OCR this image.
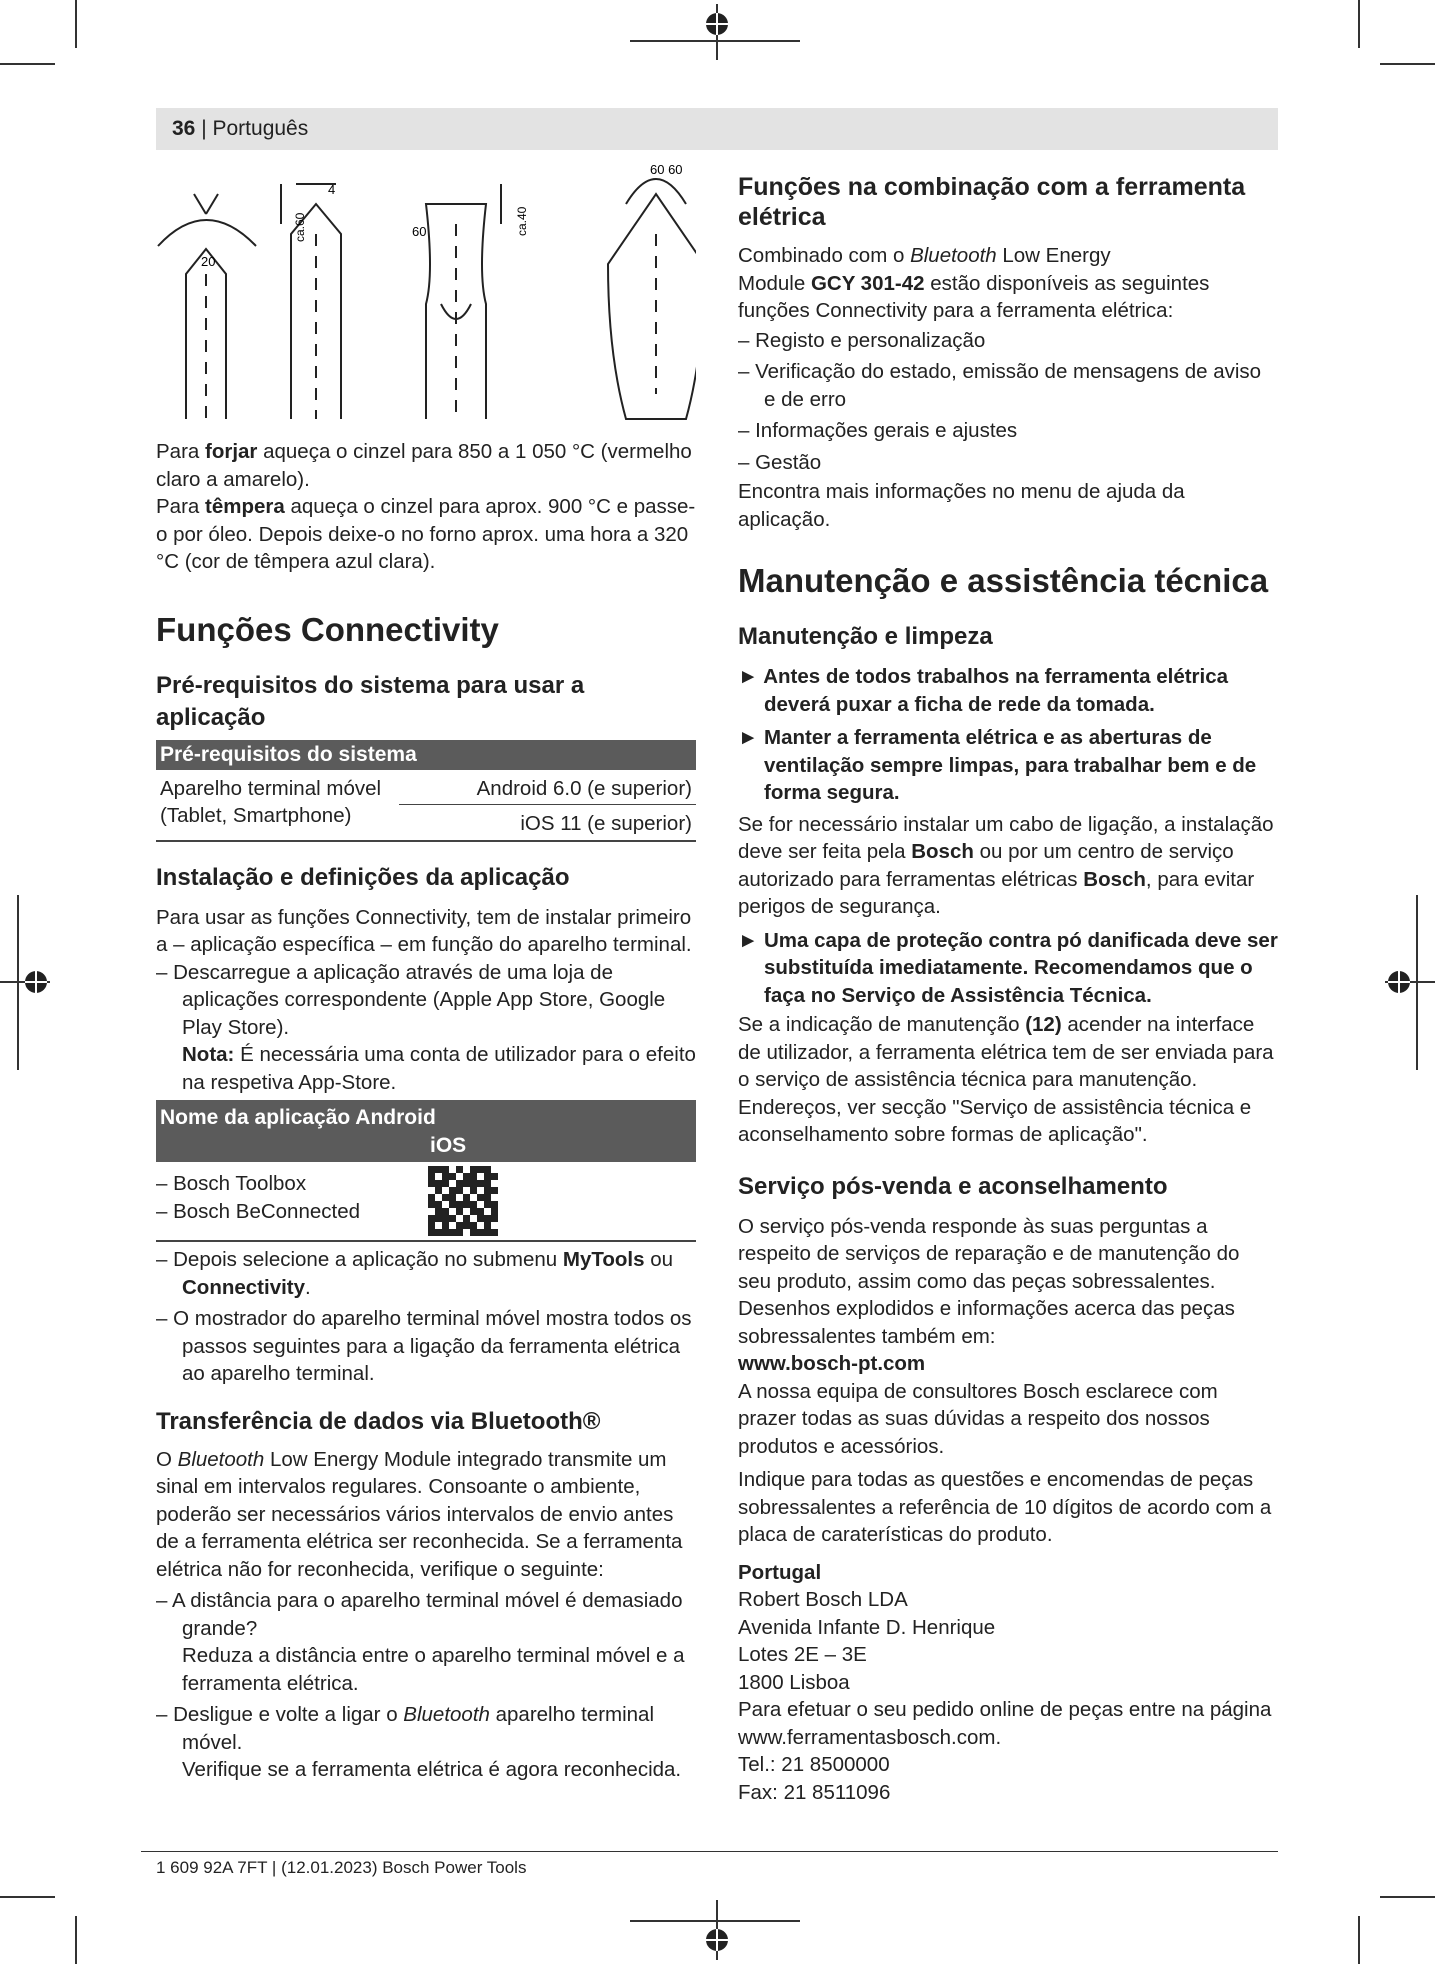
36 | Português
20
4
60
ca.60	ca.40
60 60

Para forjar aqueça o cinzel para 850 a 1 050 °C (vermelho claro a amarelo).

Para têmpera aqueça o cinzel para aprox. 900 °C e passe-o por óleo. Depois deixe-o no forno aprox. uma hora a 320 °C (cor de têmpera azul clara).

Funções Connectivity
Pré-requisitos do sistema para usar a aplicação
Pré-requisitos do sistema

Aparelho terminal móvel (Tablet, Smartphone)

Android 6.0 (e superior)

iOS 11 (e superior)

Instalação e definições da aplicação

Para usar as funções Connectivity, tem de instalar primeiro a – aplicação específica – em função do aparelho terminal.

– Descarregue a aplicação através de uma loja de aplicações correspondente (Apple App Store, Google Play Store).
Nota: É necessária uma conta de utilizador para o efeito na respetiva App-Store.

Nome da aplicação Android
iOS

– Bosch Toolbox

– Bosch BeConnected

– Depois selecione a aplicação no submenu MyTools ou Connectivity.

– O mostrador do aparelho terminal móvel mostra todos os passos seguintes para a ligação da ferramenta elétrica ao aparelho terminal.

Transferência de dados via Bluetooth®

O Bluetooth Low Energy Module integrado transmite um sinal em intervalos regulares. Consoante o ambiente, poderão ser necessários vários intervalos de envio antes de a ferramenta elétrica ser reconhecida. Se a ferramenta elétrica não for reconhecida, verifique o seguinte:

– A distância para o aparelho terminal móvel é demasiado grande?
Reduza a distância entre o aparelho terminal móvel e a ferramenta elétrica.

– Desligue e volte a ligar o Bluetooth aparelho terminal móvel.
Verifique se a ferramenta elétrica é agora reconhecida.

Funções na combinação com a ferramenta elétrica

Combinado com o Bluetooth Low Energy

Module GCY 301-42 estão disponíveis as seguintes funções Connectivity para a ferramenta elétrica:

– Registo e personalização

– Verificação do estado, emissão de mensagens de aviso e de erro

– Informações gerais e ajustes

– Gestão

Encontra mais informações no menu de ajuda da aplicação.

Manutenção e assistência técnica
Manutenção e limpeza

► Antes de todos trabalhos na ferramenta elétrica deverá puxar a ficha de rede da tomada.

► Manter a ferramenta elétrica e as aberturas de ventilação sempre limpas, para trabalhar bem e de forma segura.

Se for necessário instalar um cabo de ligação, a instalação deve ser feita pela Bosch ou por um centro de serviço autorizado para ferramentas elétricas Bosch, para evitar perigos de segurança.

► Uma capa de proteção contra pó danificada deve ser substituída imediatamente. Recomendamos que o faça no Serviço de Assistência Técnica.

Se a indicação de manutenção (12) acender na interface de utilizador, a ferramenta elétrica tem de ser enviada para o serviço de assistência técnica para manutenção. Endereços, ver secção "Serviço de assistência técnica e aconselhamento sobre formas de aplicação".

Serviço pós-venda e aconselhamento

O serviço pós-venda responde às suas perguntas a respeito de serviços de reparação e de manutenção do seu produto, assim como das peças sobressalentes. Desenhos explodidos e informações acerca das peças sobressalentes também em:

www.bosch-pt.com

A nossa equipa de consultores Bosch esclarece com prazer todas as suas dúvidas a respeito dos nossos produtos e acessórios.

Indique para todas as questões e encomendas de peças sobressalentes a referência de 10 dígitos de acordo com a placa de caraterísticas do produto.

Portugal

Robert Bosch LDA

Avenida Infante D. Henrique

Lotes 2E – 3E

1800 Lisboa

Para efetuar o seu pedido online de peças entre na página www.ferramentasbosch.com.

Tel.: 21 8500000

Fax: 21 8511096

1 609 92A 7FT | (12.01.2023) Bosch Power Tools
